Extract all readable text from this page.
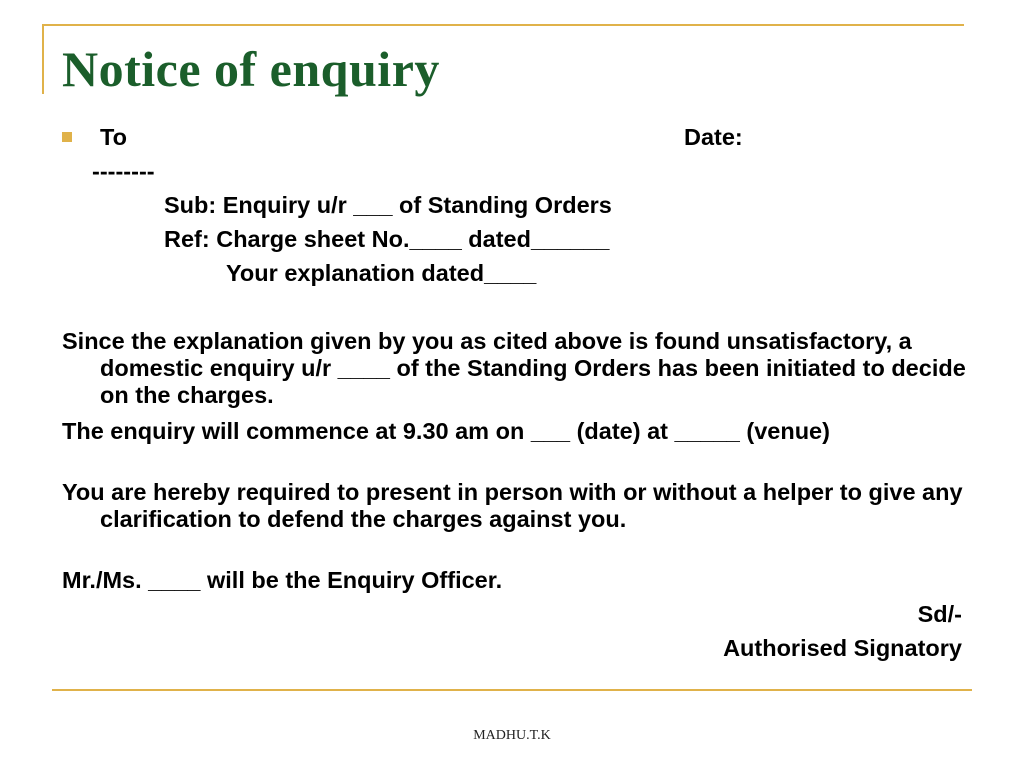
Notice of enquiry
To	Date:
--------
Sub: Enquiry u/r ___ of Standing Orders
Ref: Charge sheet No.____ dated______
Your explanation dated____
Since the explanation given by you as cited above is found unsatisfactory, a domestic enquiry u/r ____ of the Standing Orders has been initiated to decide on the charges.
The enquiry will commence at 9.30 am on ___ (date) at _____ (venue)
You are hereby required to present in person with or without a helper to give any clarification to defend the charges against you.
Mr./Ms. ____ will be the Enquiry Officer.
Sd/-
Authorised Signatory
MADHU.T.K
